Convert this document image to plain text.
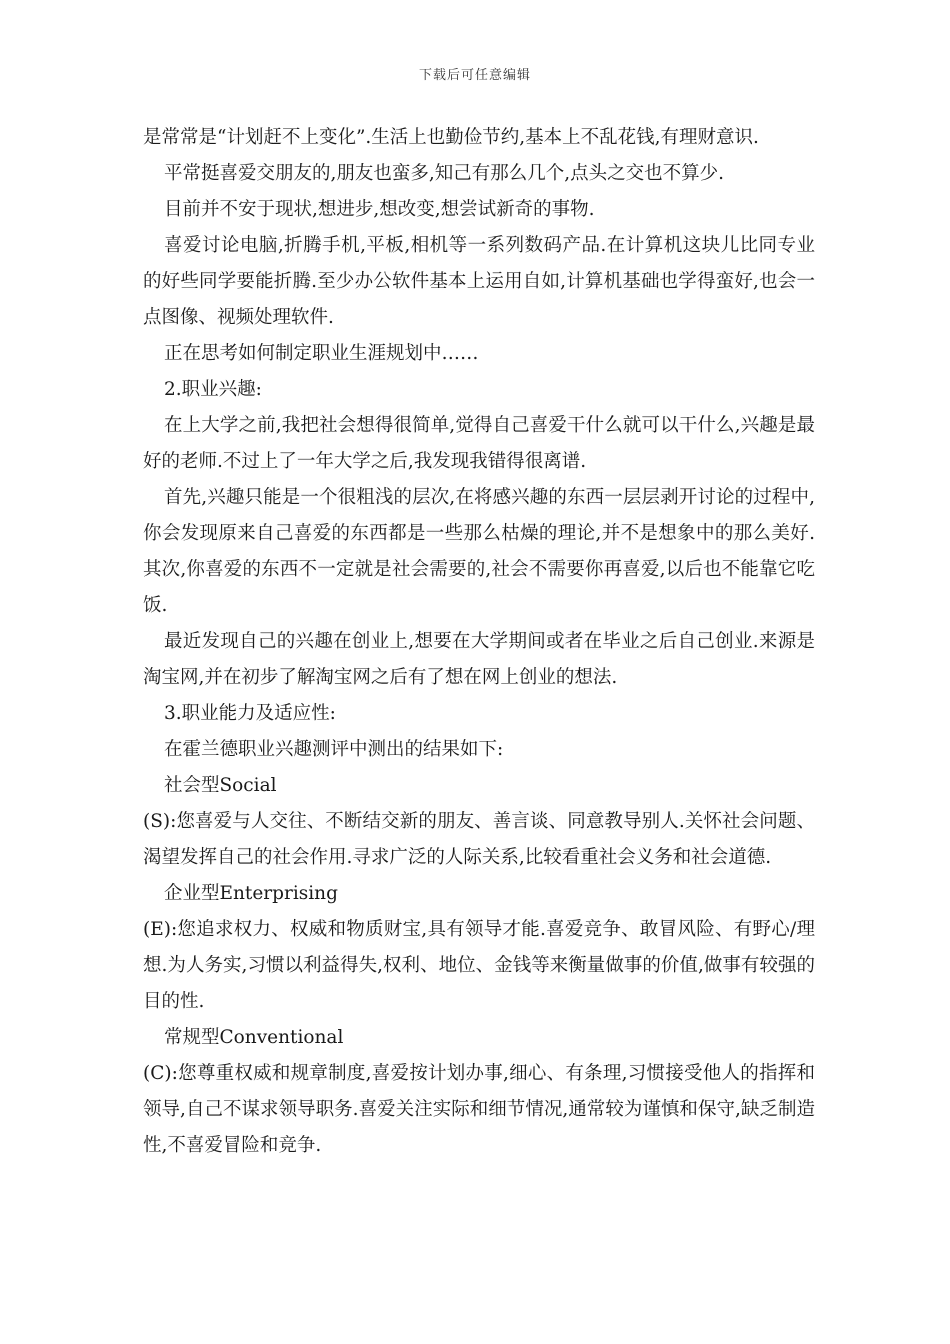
下载后可任意编辑

是常常是“计划赶不上变化”.生活上也勤俭节约,基本上不乱花钱,有理财意识.

平常挺喜爱交朋友的,朋友也蛮多,知己有那么几个,点头之交也不算少.

目前并不安于现状,想进步,想改变,想尝试新奇的事物.

喜爱讨论电脑,折腾手机,平板,相机等一系列数码产品.在计算机这块儿比同专业的好些同学要能折腾.至少办公软件基本上运用自如,计算机基础也学得蛮好,也会一点图像、视频处理软件.

正在思考如何制定职业生涯规划中……

2.职业兴趣:

在上大学之前,我把社会想得很简单,觉得自己喜爱干什么就可以干什么,兴趣是最好的老师.不过上了一年大学之后,我发现我错得很离谱.

首先,兴趣只能是一个很粗浅的层次,在将感兴趣的东西一层层剥开讨论的过程中,你会发现原来自己喜爱的东西都是一些那么枯燥的理论,并不是想象中的那么美好.其次,你喜爱的东西不一定就是社会需要的,社会不需要你再喜爱,以后也不能靠它吃饭.

最近发现自己的兴趣在创业上,想要在大学期间或者在毕业之后自己创业.来源是淘宝网,并在初步了解淘宝网之后有了想在网上创业的想法.

3.职业能力及适应性:

在霍兰德职业兴趣测评中测出的结果如下:

社会型Social

(S):您喜爱与人交往、不断结交新的朋友、善言谈、同意教导别人.关怀社会问题、渴望发挥自己的社会作用.寻求广泛的人际关系,比较看重社会义务和社会道德.

企业型Enterprising

(E):您追求权力、权威和物质财宝,具有领导才能.喜爱竞争、敢冒风险、有野心/理想.为人务实,习惯以利益得失,权利、地位、金钱等来衡量做事的价值,做事有较强的目的性.

常规型Conventional

(C):您尊重权威和规章制度,喜爱按计划办事,细心、有条理,习惯接受他人的指挥和领导,自己不谋求领导职务.喜爱关注实际和细节情况,通常较为谨慎和保守,缺乏制造性,不喜爱冒险和竞争.
